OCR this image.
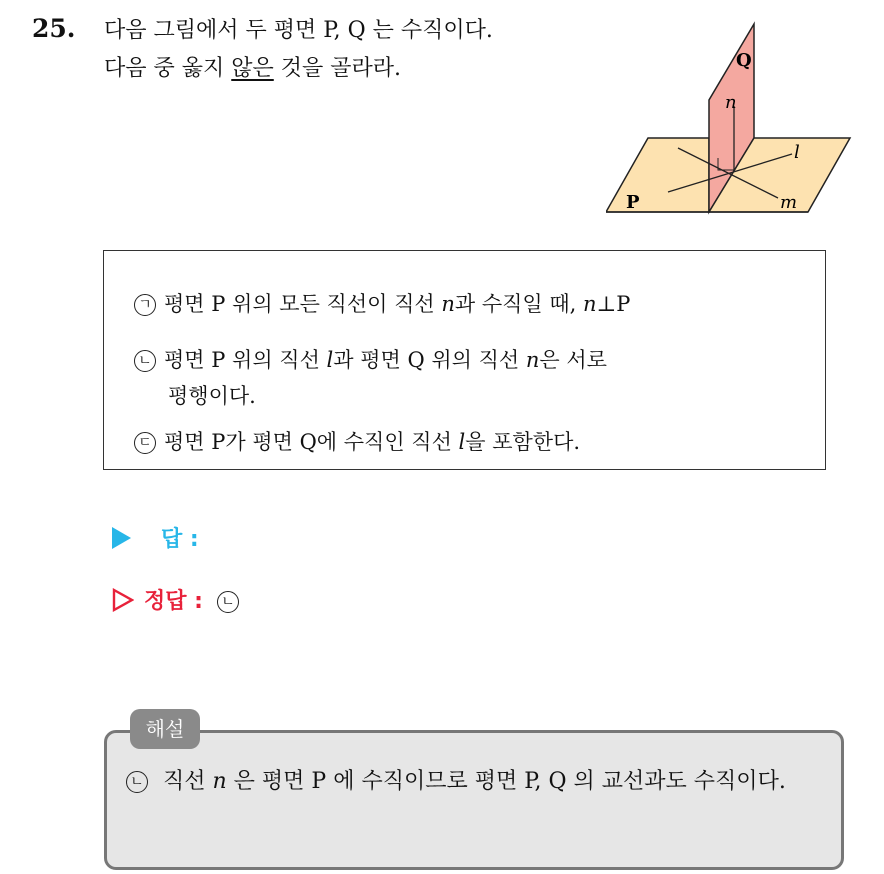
25. 다음 그림에서 두 평면 P, Q 는 수직이다.
다음 중 옳지 않은 것을 골라라.	Q
n
l
m
P
ㄱ 평면 P 위의 모든 직선이 직선 n과 수직일 때, n⊥P
ㄴ 평면 P 위의 직선 l과 평면 Q 위의 직선 n은 서로
평행이다.
ㄷ 평면 P가 평면 Q에 수직인 직선 l을 포함한다.
답 :
정답 : ㄴ
해설
ㄴ 직선 n 은 평면 P 에 수직이므로 평면 P, Q 의 교선과도 수직이다.
